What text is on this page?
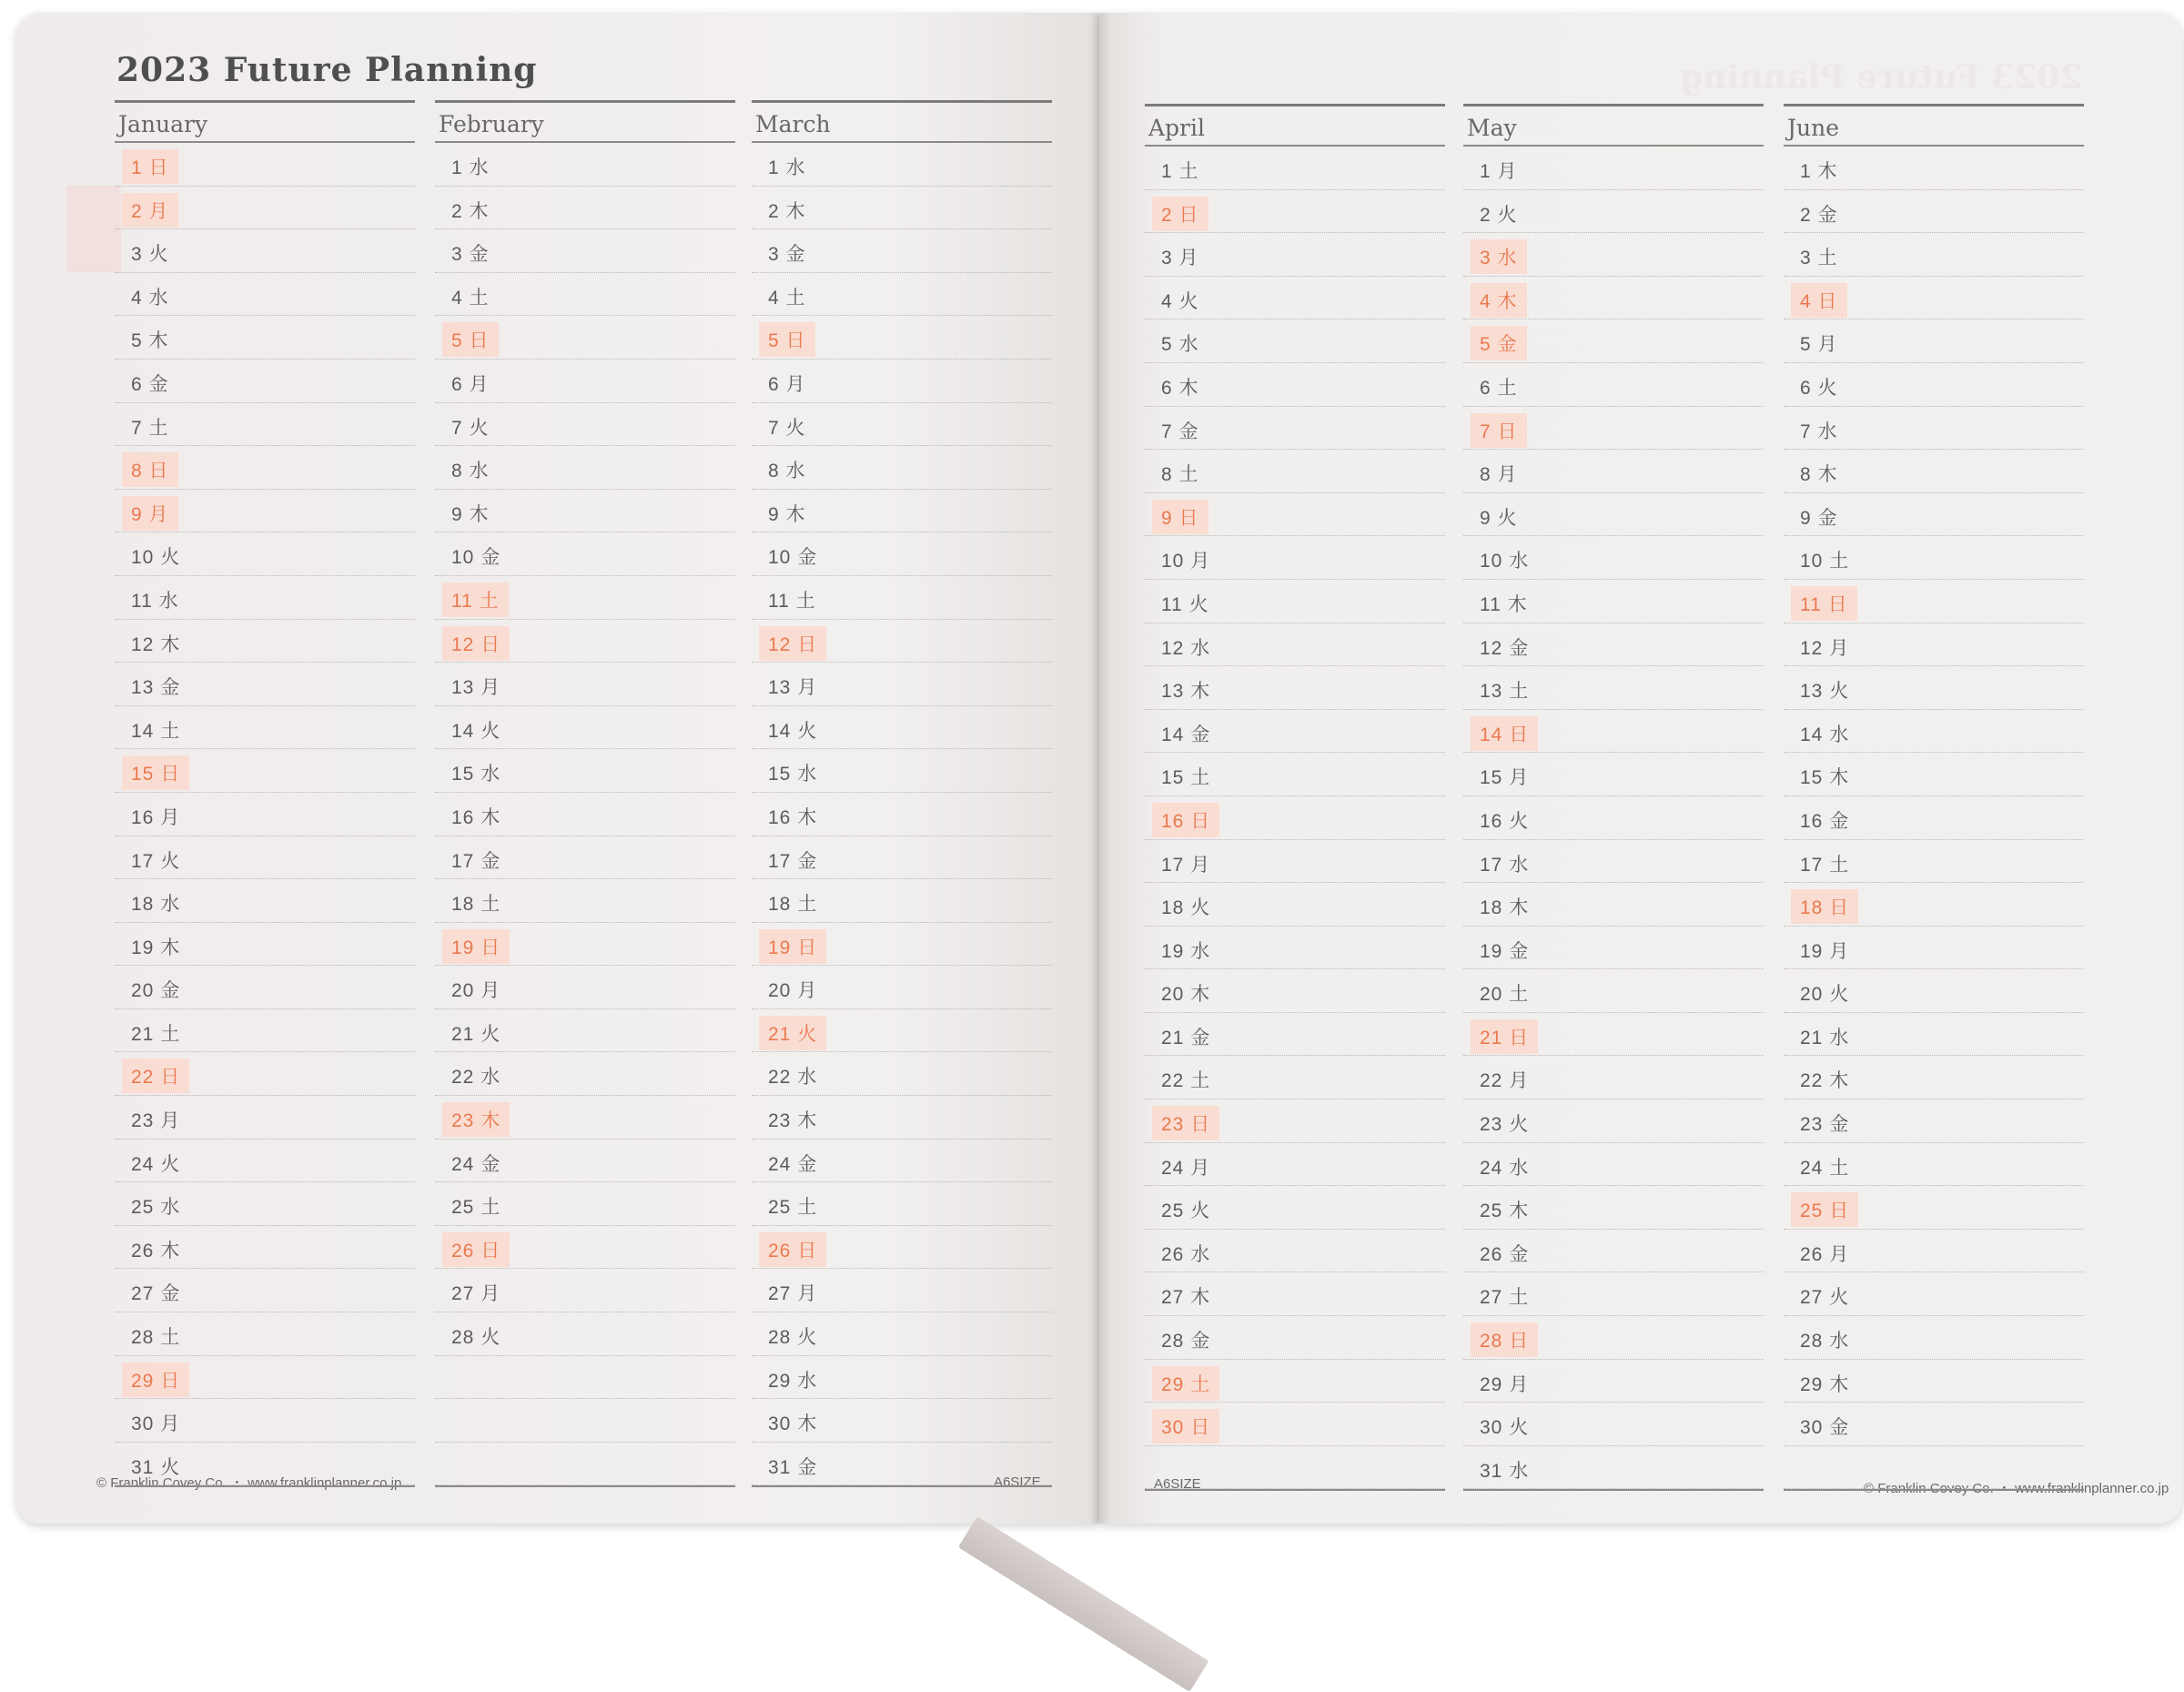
2023 Future Planning
© Franklin Covey Co. ・ www.franklinplanner.co.jp	A6SIZE
2023 Future Planning
A6SIZE	© Franklin Covey Co. ・ www.franklinplanner.co.jp
January
1 日
2 月
3 火
4 水
5 木
6 金
7 土
8 日
9 月
10 火
11 水
12 木
13 金
14 土
15 日
16 月
17 火
18 水
19 木
20 金
21 土
22 日
23 月
24 火
25 水
26 木
27 金
28 土
29 日
30 月
31 火
February
1 水
2 木
3 金
4 土
5 日
6 月
7 火
8 水
9 木
10 金
11 土
12 日
13 月
14 火
15 水
16 木
17 金
18 土
19 日
20 月
21 火
22 水
23 木
24 金
25 土
26 日
27 月
28 火
March
1 水
2 木
3 金
4 土
5 日
6 月
7 火
8 水
9 木
10 金
11 土
12 日
13 月
14 火
15 水
16 木
17 金
18 土
19 日
20 月
21 火
22 水
23 木
24 金
25 土
26 日
27 月
28 火
29 水
30 木
31 金
April
1 土
2 日
3 月
4 火
5 水
6 木
7 金
8 土
9 日
10 月
11 火
12 水
13 木
14 金
15 土
16 日
17 月
18 火
19 水
20 木
21 金
22 土
23 日
24 月
25 火
26 水
27 木
28 金
29 土
30 日
May
1 月
2 火
3 水
4 木
5 金
6 土
7 日
8 月
9 火
10 水
11 木
12 金
13 土
14 日
15 月
16 火
17 水
18 木
19 金
20 土
21 日
22 月
23 火
24 水
25 木
26 金
27 土
28 日
29 月
30 火
31 水
June
1 木
2 金
3 土
4 日
5 月
6 火
7 水
8 木
9 金
10 土
11 日
12 月
13 火
14 水
15 木
16 金
17 土
18 日
19 月
20 火
21 水
22 木
23 金
24 土
25 日
26 月
27 火
28 水
29 木
30 金
